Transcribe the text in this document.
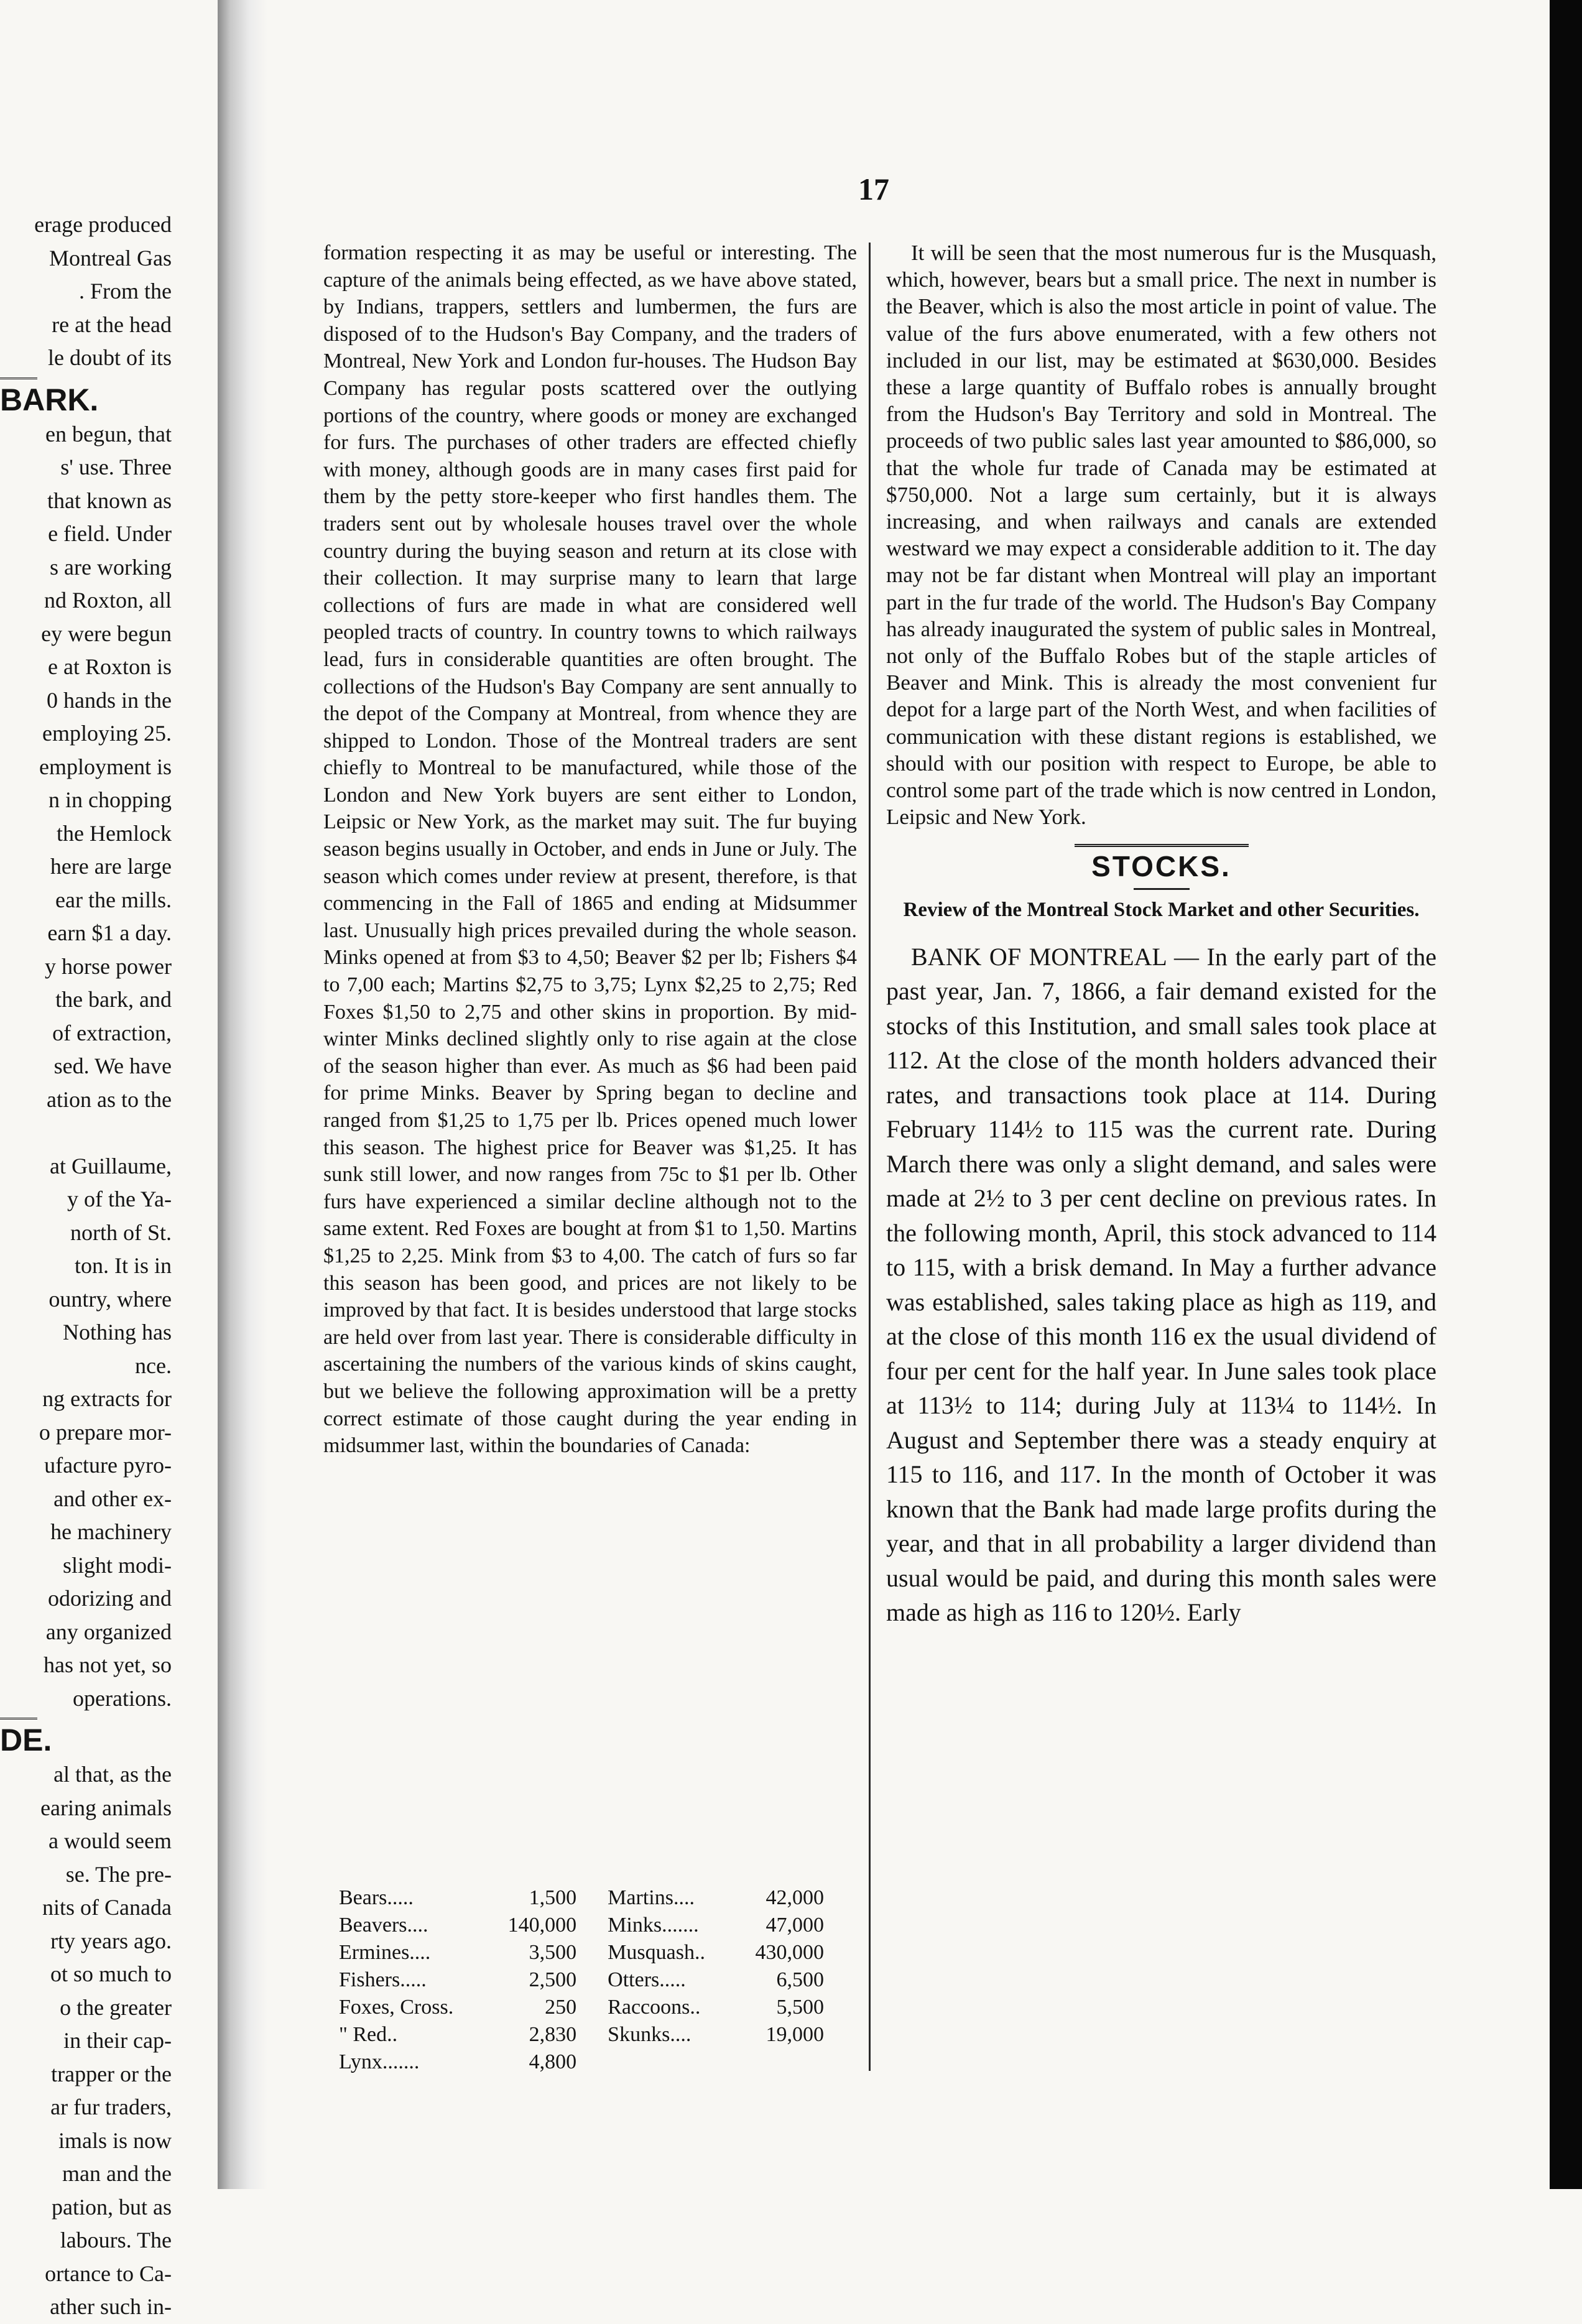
17
erage produced
Montreal Gas
. From the
re at the head
le doubt of its
BARK.
en begun, that
s' use. Three
that known as
e field. Under
s are working
nd Roxton, all
ey were begun
e at Roxton is
0 hands in the
employing 25.
employment is
n in chopping
the Hemlock
here are large
ear the mills.
earn $1 a day.
y horse power
the bark, and
of extraction,
sed. We have
ation as to the

at Guillaume,
y of the Ya-
north of St.
ton. It is in
ountry, where
Nothing has
nce.
ng extracts for
o prepare mor-
ufacture pyro-
and other ex-
he machinery
slight modi-
odorizing and
any organized
has not yet, so
operations.
DE.
al that, as the
earing animals
a would seem
se. The pre-
nits of Canada
rty years ago.
ot so much to
o the greater
in their cap-
trapper or the
ar fur traders,
imals is now
man and the
pation, but as
labours. The
ortance to Ca-
ather such in-

formation respecting it as may be useful or interesting. The capture of the animals being effected, as we have above stated, by Indians, trappers, settlers and lumbermen, the furs are disposed of to the Hudson's Bay Company, and the traders of Montreal, New York and London fur-houses. The Hudson Bay Company has regular posts scattered over the outlying portions of the country, where goods or money are exchanged for furs. The purchases of other traders are effected chiefly with money, although goods are in many cases first paid for them by the petty store-keeper who first handles them. The traders sent out by wholesale houses travel over the whole country during the buying season and return at its close with their collection. It may surprise many to learn that large collections of furs are made in what are considered well peopled tracts of country. In country towns to which railways lead, furs in considerable quantities are often brought. The collections of the Hudson's Bay Company are sent annually to the depot of the Company at Montreal, from whence they are shipped to London. Those of the Montreal traders are sent chiefly to Montreal to be manufactured, while those of the London and New York buyers are sent either to London, Leipsic or New York, as the market may suit. The fur buying season begins usually in October, and ends in June or July. The season which comes under review at present, therefore, is that commencing in the Fall of 1865 and ending at Midsummer last. Unusually high prices prevailed during the whole season. Minks opened at from $3 to 4,50; Beaver $2 per lb; Fishers $4 to 7,00 each; Martins $2,75 to 3,75; Lynx $2,25 to 2,75; Red Foxes $1,50 to 2,75 and other skins in proportion. By mid-winter Minks declined slightly only to rise again at the close of the season higher than ever. As much as $6 had been paid for prime Minks. Beaver by Spring began to decline and ranged from $1,25 to 1,75 per lb. Prices opened much lower this season. The highest price for Beaver was $1,25. It has sunk still lower, and now ranges from 75c to $1 per lb. Other furs have experienced a similar decline although not to the same extent. Red Foxes are bought at from $1 to 1,50. Martins $1,25 to 2,25. Mink from $3 to 4,00. The catch of furs so far this season has been good, and prices are not likely to be improved by that fact. It is besides understood that large stocks are held over from last year. There is considerable difficulty in ascertaining the numbers of the various kinds of skins caught, but we believe the following approximation will be a pretty correct estimate of those caught during the year ending in midsummer last, within the boundaries of Canada:

Bears.....	1,500	Martins....	42,000
Beavers....	140,000	Minks.......	47,000
Ermines....	3,500	Musquash..	430,000
Fishers.....	2,500	Otters.....	6,500
Foxes, Cross.	250	Raccoons..	5,500
" Red..	2,830	Skunks....	19,000
Lynx.......	4,800		

It will be seen that the most numerous fur is the Musquash, which, however, bears but a small price. The next in number is the Beaver, which is also the most article in point of value. The value of the furs above enumerated, with a few others not included in our list, may be estimated at $630,000. Besides these a large quantity of Buffalo robes is annually brought from the Hudson's Bay Territory and sold in Montreal. The proceeds of two public sales last year amounted to $86,000, so that the whole fur trade of Canada may be estimated at $750,000. Not a large sum certainly, but it is always increasing, and when railways and canals are extended westward we may expect a considerable addition to it. The day may not be far distant when Montreal will play an important part in the fur trade of the world. The Hudson's Bay Company has already inaugurated the system of public sales in Montreal, not only of the Buffalo Robes but of the staple articles of Beaver and Mink. This is already the most convenient fur depot for a large part of the North West, and when facilities of communication with these distant regions is established, we should with our position with respect to Europe, be able to control some part of the trade which is now centred in London, Leipsic and New York.

STOCKS.
Review of the Montreal Stock Market and other Securities.

BANK OF MONTREAL — In the early part of the past year, Jan. 7, 1866, a fair demand existed for the stocks of this Institution, and small sales took place at 112. At the close of the month holders advanced their rates, and transactions took place at 114. During February 114½ to 115 was the current rate. During March there was only a slight demand, and sales were made at 2½ to 3 per cent decline on previous rates. In the following month, April, this stock advanced to 114 to 115, with a brisk demand. In May a further advance was established, sales taking place as high as 119, and at the close of this month 116 ex the usual dividend of four per cent for the half year. In June sales took place at 113½ to 114; during July at 113¼ to 114½. In August and September there was a steady enquiry at 115 to 116, and 117. In the month of October it was known that the Bank had made large profits during the year, and that in all probability a larger dividend than usual would be paid, and during this month sales were made as high as 116 to 120½. Early
